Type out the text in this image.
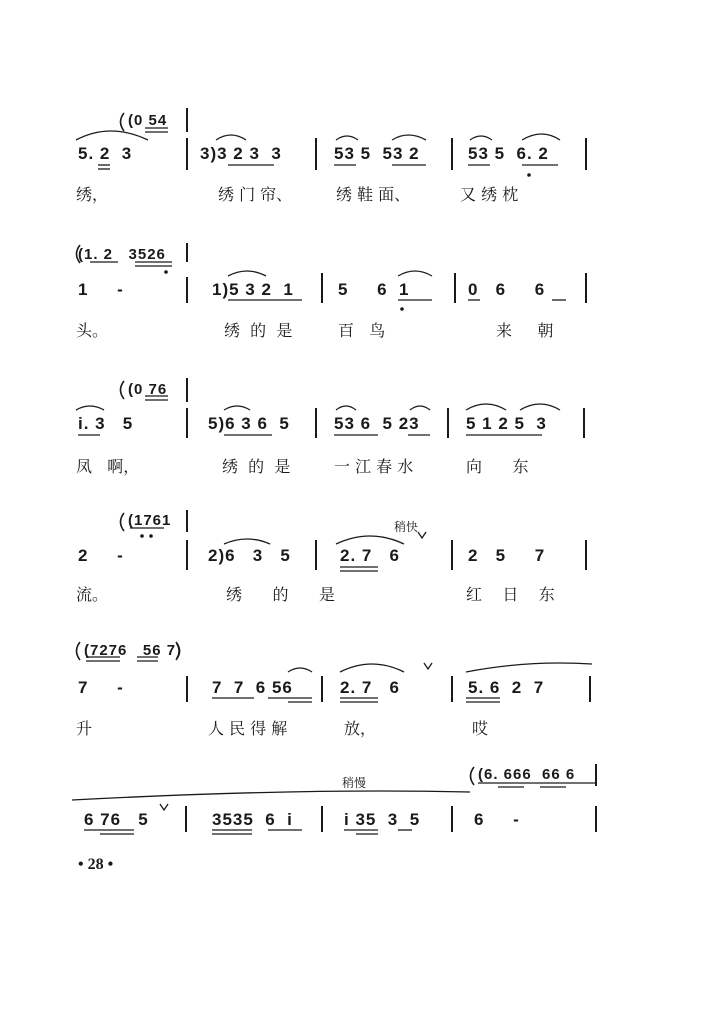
(0 54
5. 2  3	3)3 2 3  3	53 5  53 2	53 5  6. 2
绣，	绣 门 帘、	绣 鞋 面、	又 绣 枕
(1. 2   3526
1     -	1)5 3 2  1	5     6  1	0   6     6
头。	绣  的  是	百   鸟	来     朝
(0 76
i. 3   5	5)6 3 6  5	53 6  5 23	5 1 2 5  3
凤   啊，	绣  的  是	一 江 春 水	向      东
(1761	稍快
2     -	2)6   3   5	2. 7   6	2   5     7
流。	绣      的      是	红    日    东
(7276   56 7)
7     -	7  7  6 56	2. 7   6	5. 6  2  7
升	人 民 得 解	放，	哎
稍慢	(6. 666  66 6
6 76   5	3535  6  i	i 35  3  5	6     -
• 28 •
